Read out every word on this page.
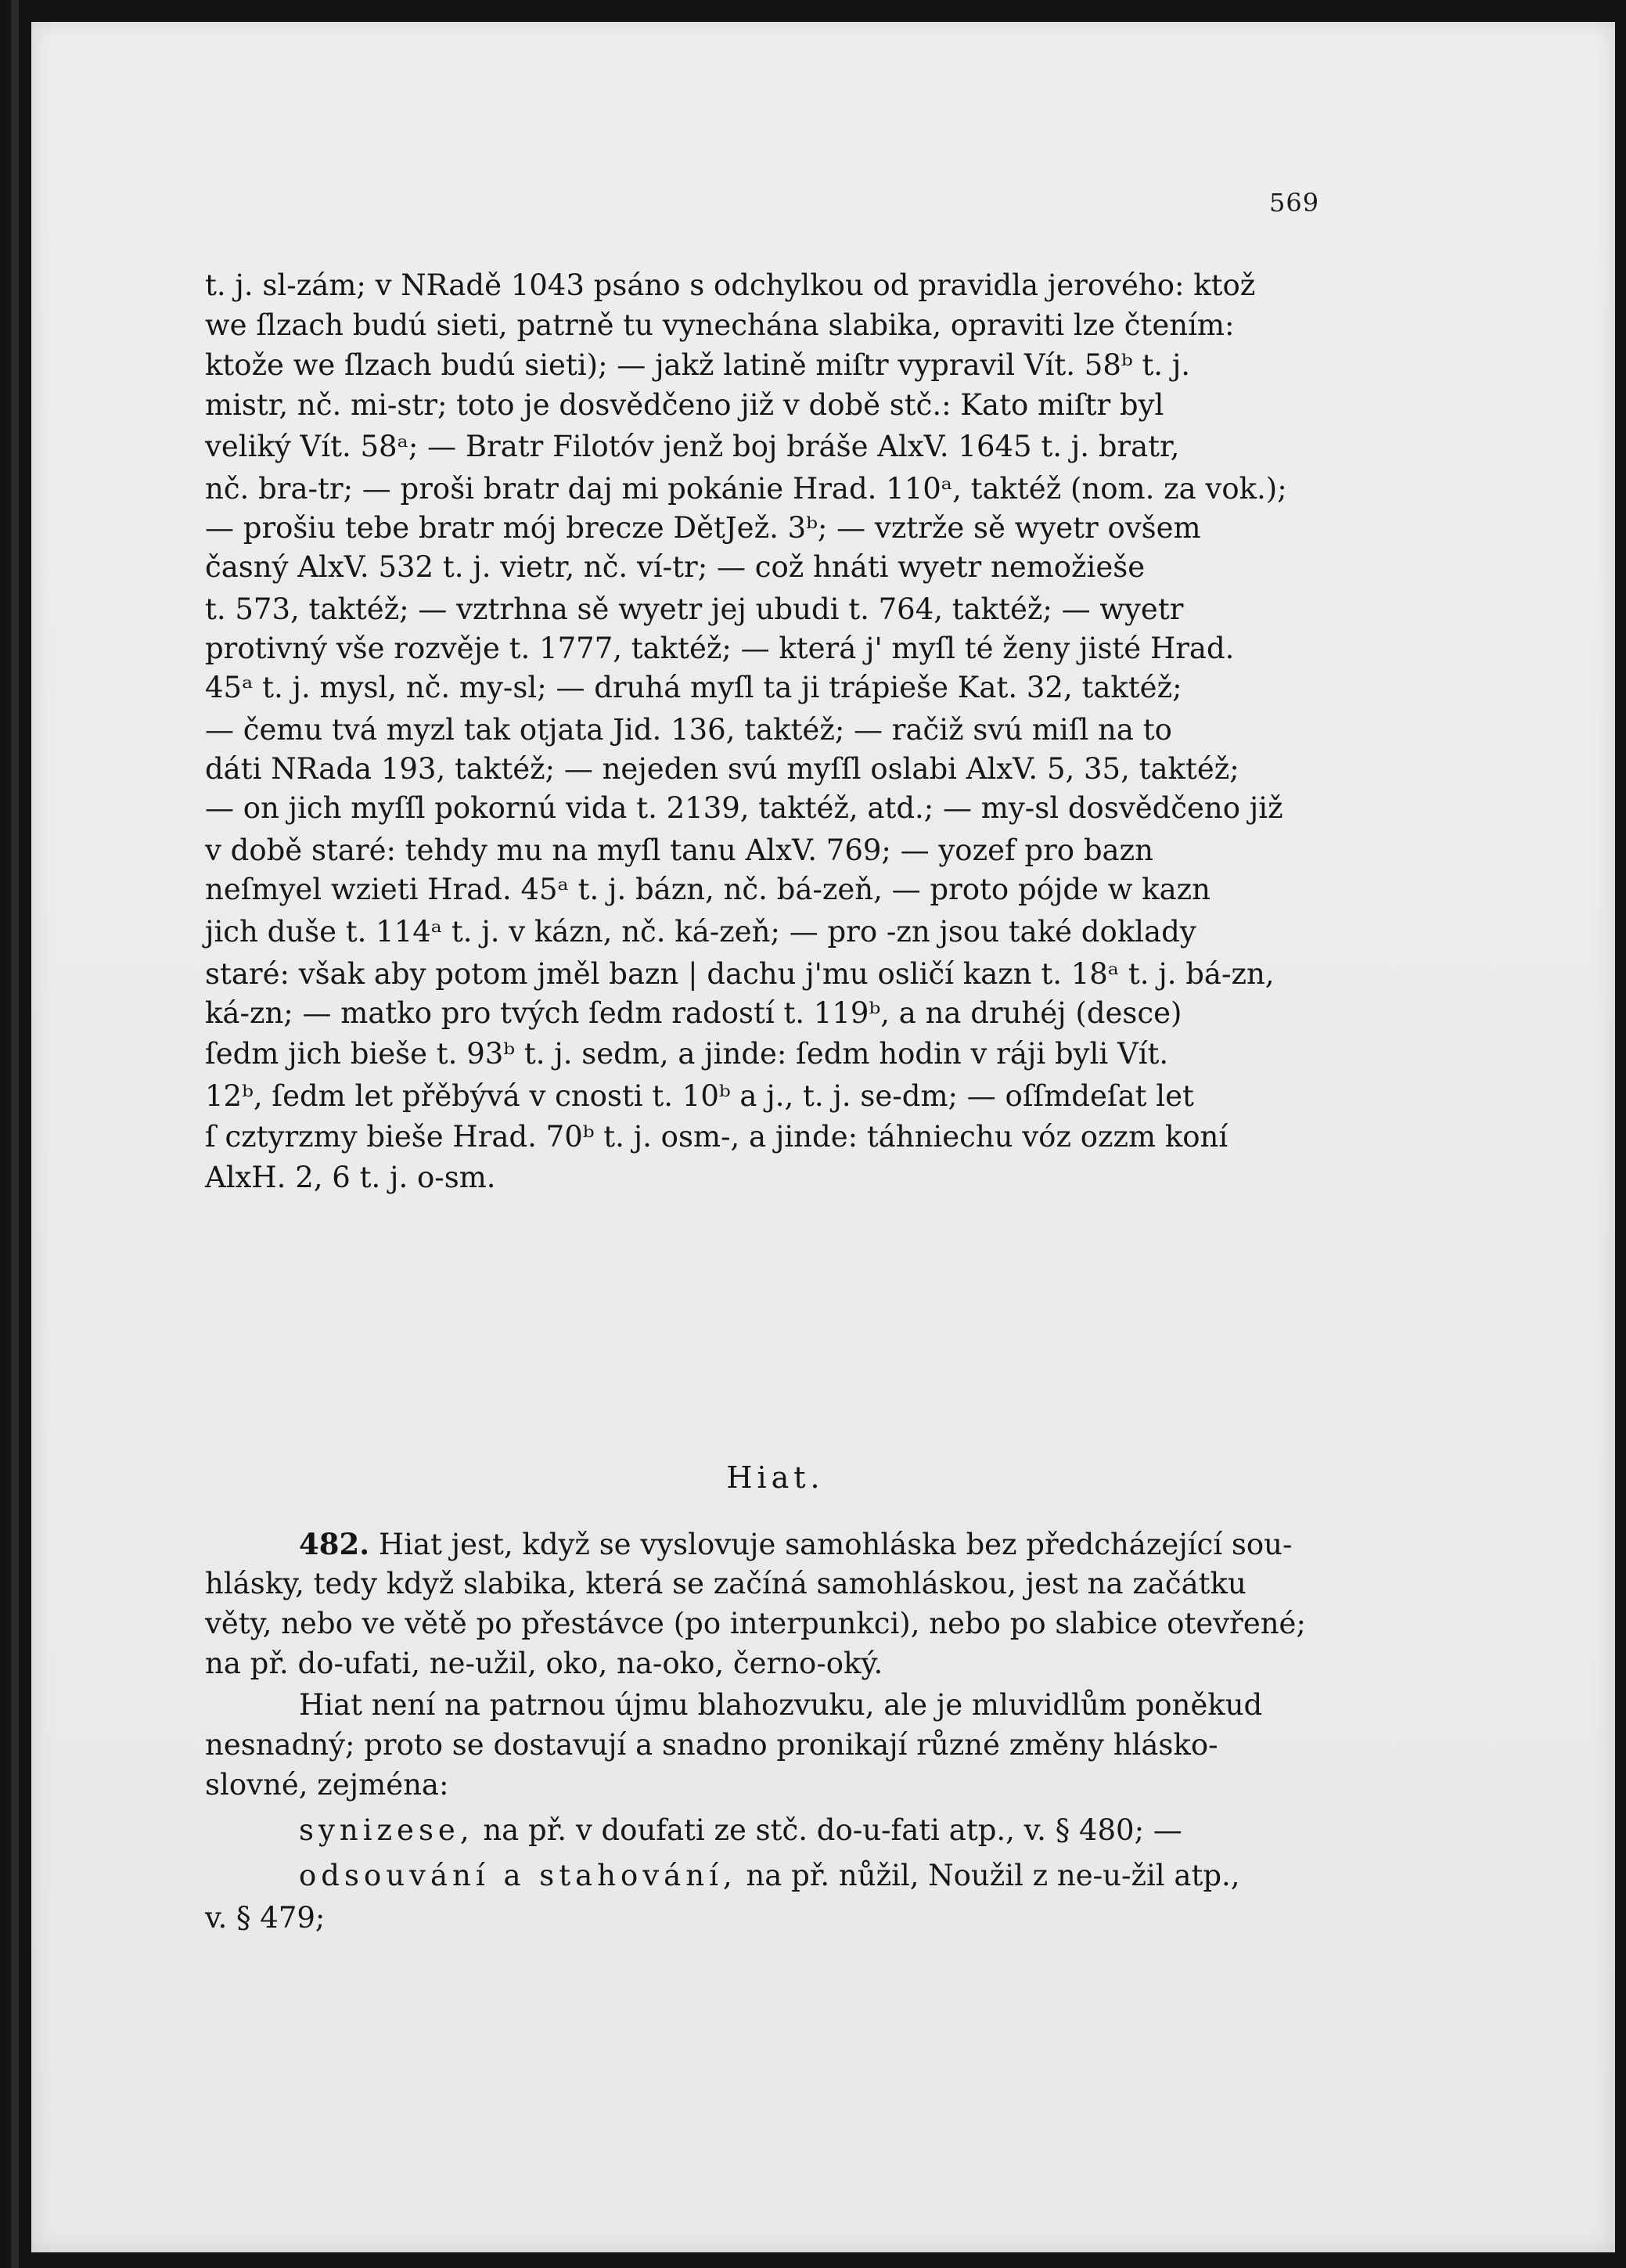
569
t. j. sl-zám; v NRadě 1043 psáno s odchylkou od pravidla jerového: ktož
we ſlzach budú sieti, patrně tu vynechána slabika, opraviti lze čtením:
ktože we ſlzach budú sieti); — jakž latině miſtr vypravil Vít. 58ᵇ t. j.
mistr, nč. mi-str; toto je dosvědčeno již v době stč.: Kato miſtr byl
veliký Vít. 58ᵃ; — Bratr Filotóv jenž boj bráše AlxV. 1645 t. j. bratr,
nč. bra-tr; — proši bratr daj mi pokánie Hrad. 110ᵃ, taktéž (nom. za vok.);
— prošiu tebe bratr mój brecze DětJež. 3ᵇ; — vztrže sě wyetr ovšem
časný AlxV. 532 t. j. vietr, nč. ví-tr; — což hnáti wyetr nemožieše
t. 573, taktéž; — vztrhna sě wyetr jej ubudi t. 764, taktéž; — wyetr
protivný vše rozvěje t. 1777, taktéž; — která j' myſl té ženy jisté Hrad.
45ᵃ t. j. mysl, nč. my-sl; — druhá myſl ta ji trápieše Kat. 32, taktéž;
— čemu tvá myzl tak otjata Jid. 136, taktéž; — račiž svú miſl na to
dáti NRada 193, taktéž; — nejeden svú myſſl oslabi AlxV. 5, 35, taktéž;
— on jich myſſl pokornú vida t. 2139, taktéž, atd.; — my-sl dosvědčeno již
v době staré: tehdy mu na myſl tanu AlxV. 769; — yozef pro bazn
neſmyel wzieti Hrad. 45ᵃ t. j. bázn, nč. bá-zeň, — proto pójde w kazn
jich duše t. 114ᵃ t. j. v kázn, nč. ká-zeň; — pro -zn jsou také doklady
staré: však aby potom jměl bazn | dachu j'mu osličí kazn t. 18ᵃ t. j. bá-zn,
ká-zn; — matko pro tvých ſedm radostí t. 119ᵇ, a na druhéj (desce)
ſedm jich bieše t. 93ᵇ t. j. sedm, a jinde: ſedm hodin v ráji byli Vít.
12ᵇ, ſedm let přěbývá v cnosti t. 10ᵇ a j., t. j. se-dm; — oſſmdeſat let
ſ cztyrzmy bieše Hrad. 70ᵇ t. j. osm-, a jinde: táhniechu vóz ozzm koní
AlxH. 2, 6 t. j. o-sm.
Hiat.
482. Hiat jest, když se vyslovuje samohláska bez předcházející sou-
hlásky, tedy když slabika, která se začíná samohláskou, jest na začátku
věty, nebo ve větě po přestávce (po interpunkci), nebo po slabice otevřené;
na př. do-ufati, ne-užil, oko, na-oko, černo-oký.
Hiat není na patrnou újmu blahozvuku, ale je mluvidlům poněkud
nesnadný; proto se dostavují a snadno pronikají různé změny hlásko-
slovné, zejména:
synizese, na př. v doufati ze stč. do-u-fati atp., v. § 480; —
odsouvání a stahování, na př. nůžil, Noužil z ne-u-žil atp.,
v. § 479;
